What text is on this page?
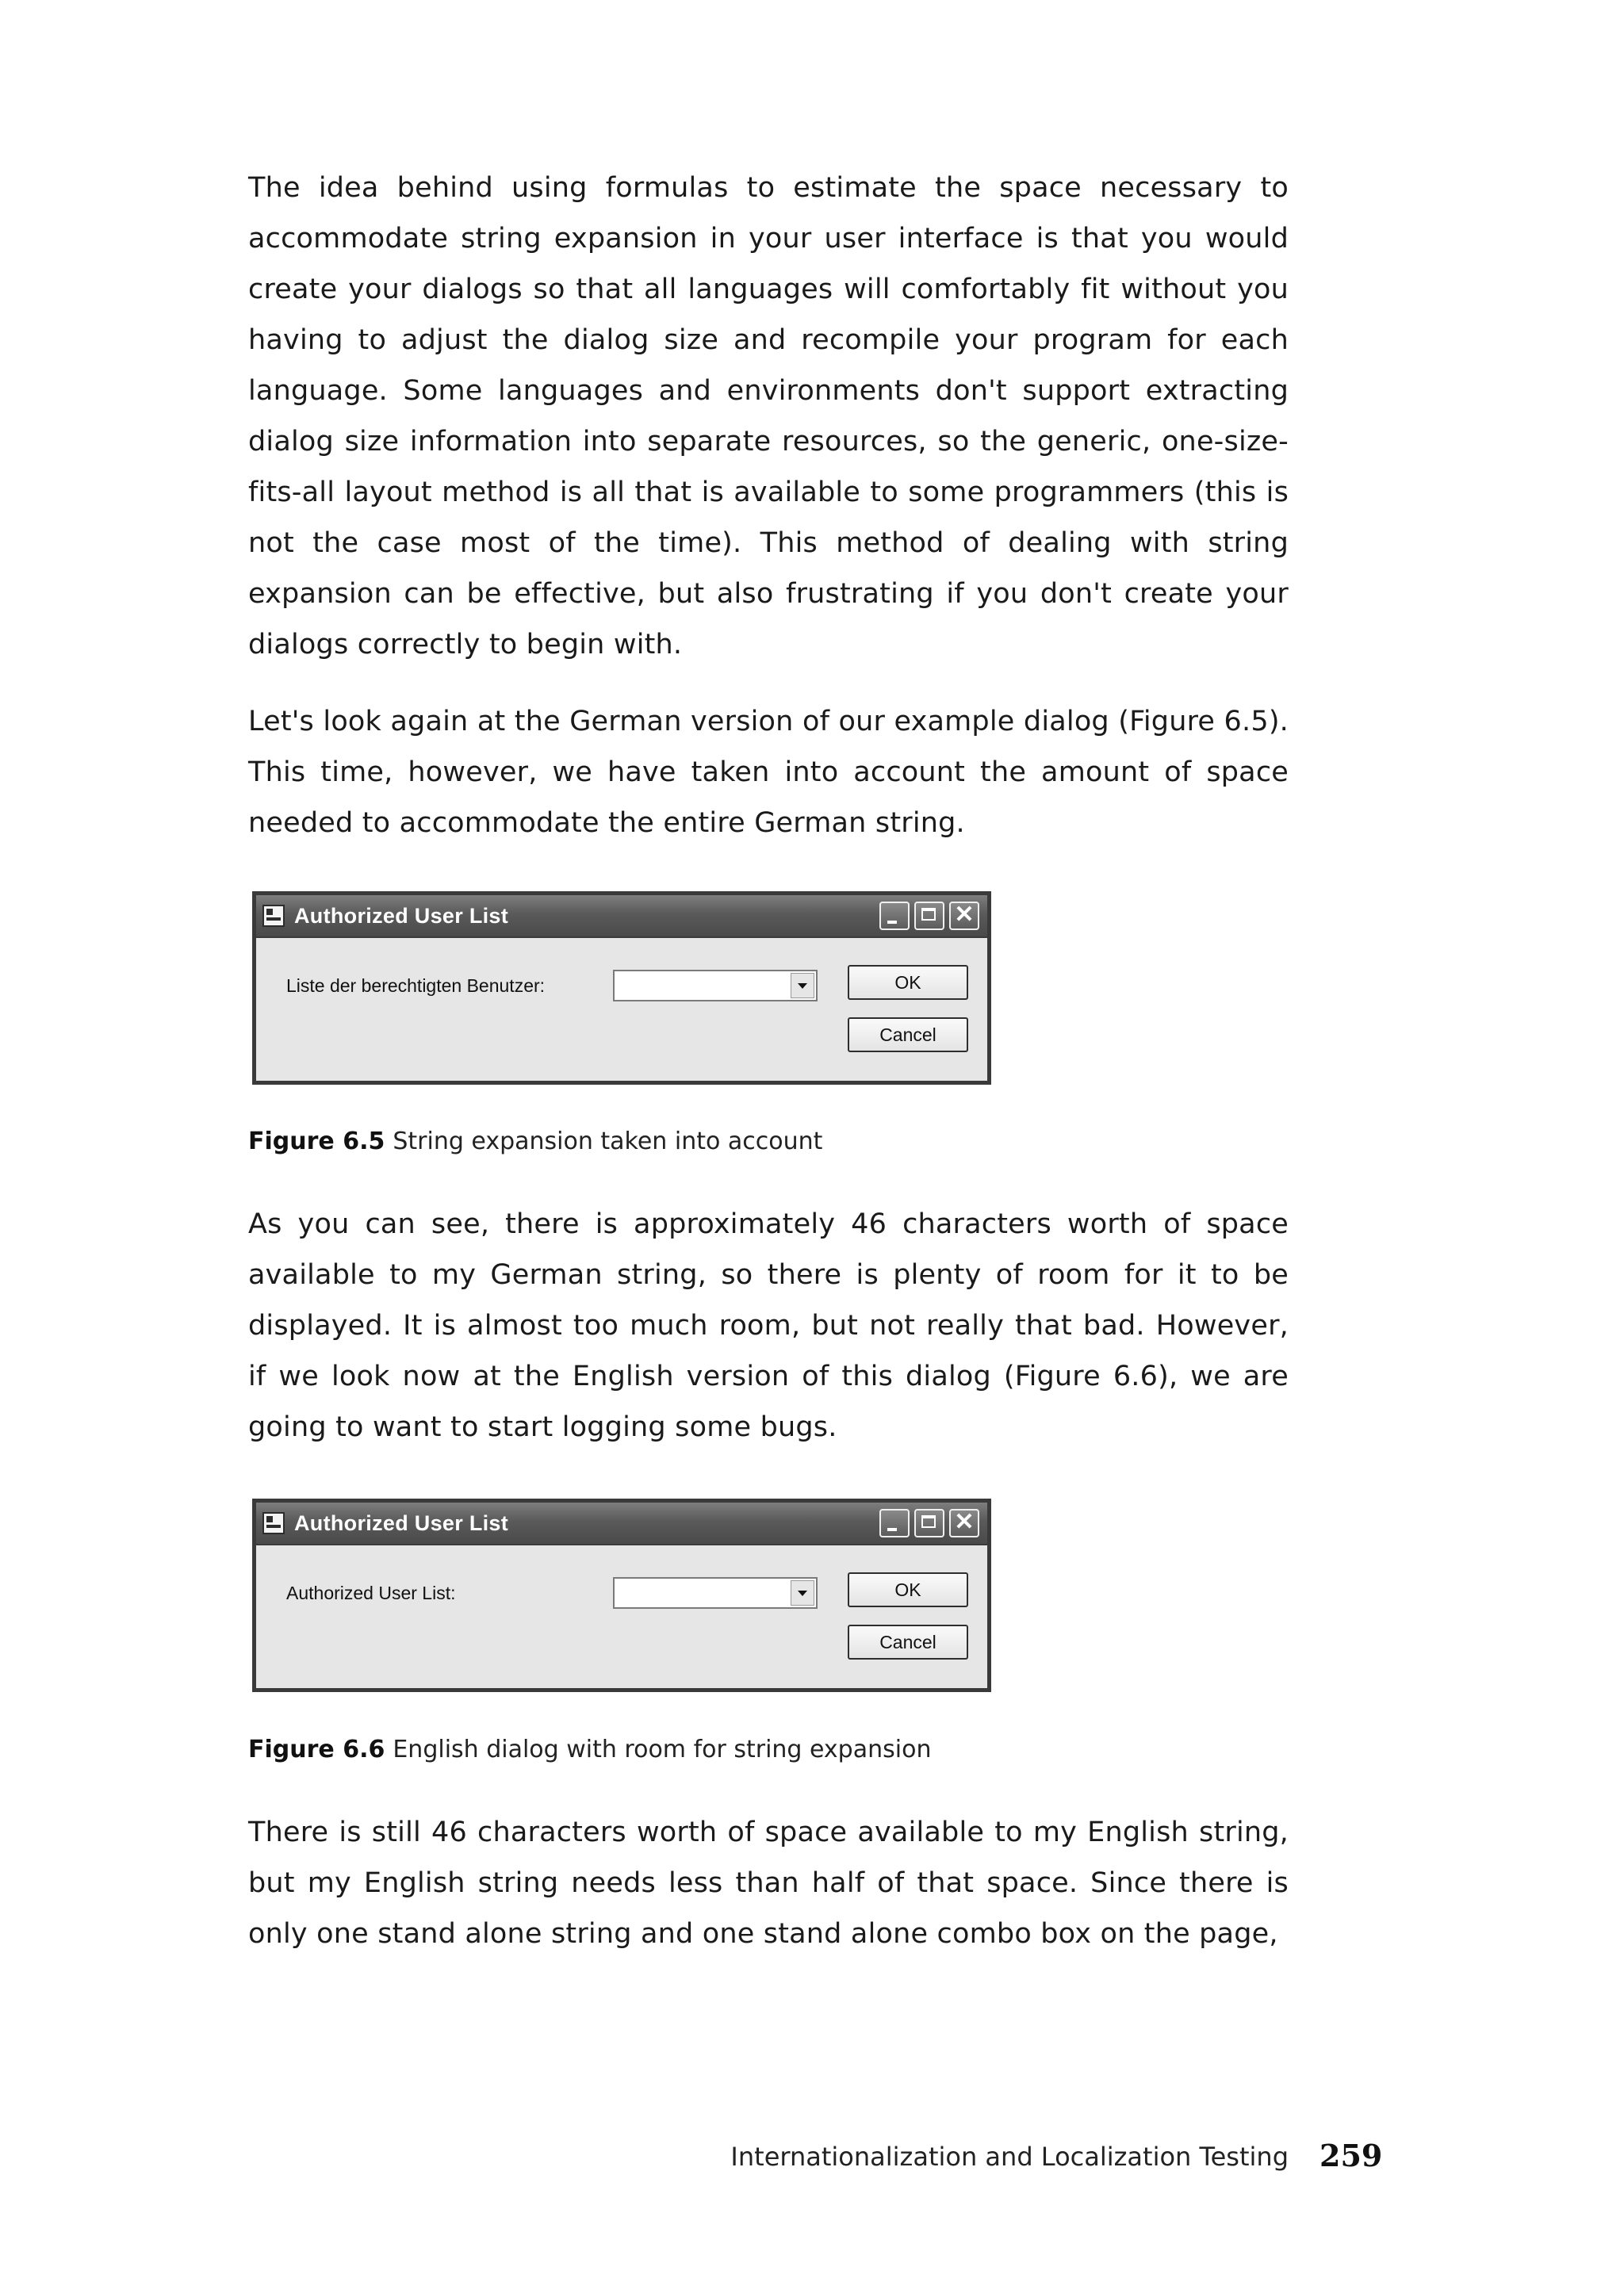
The idea behind using formulas to estimate the space necessary to accommodate string expansion in your user interface is that you would create your dialogs so that all languages will comfortably fit without you having to adjust the dialog size and recompile your program for each language. Some languages and environments don't support extracting dialog size information into separate resources, so the generic, one-size-fits-all layout method is all that is available to some programmers (this is not the case most of the time). This method of dealing with string expansion can be effective, but also frustrating if you don't create your dialogs correctly to begin with.

Let's look again at the German version of our example dialog (Figure 6.5). This time, however, we have taken into account the amount of space needed to accommodate the entire German string.

Authorized User List	✕
Liste der berechtigten Benutzer:	OK
Cancel

Figure 6.5 String expansion taken into account

As you can see, there is approximately 46 characters worth of space available to my German string, so there is plenty of room for it to be displayed. It is almost too much room, but not really that bad. However, if we look now at the English version of this dialog (Figure 6.6), we are going to want to start logging some bugs.

Authorized User List	✕
Authorized User List:	OK
Cancel

Figure 6.6 English dialog with room for string expansion

There is still 46 characters worth of space available to my English string, but my English string needs less than half of that space. Since there is only one stand alone string and one stand alone combo box on the page,

Internationalization and Localization Testing 259
